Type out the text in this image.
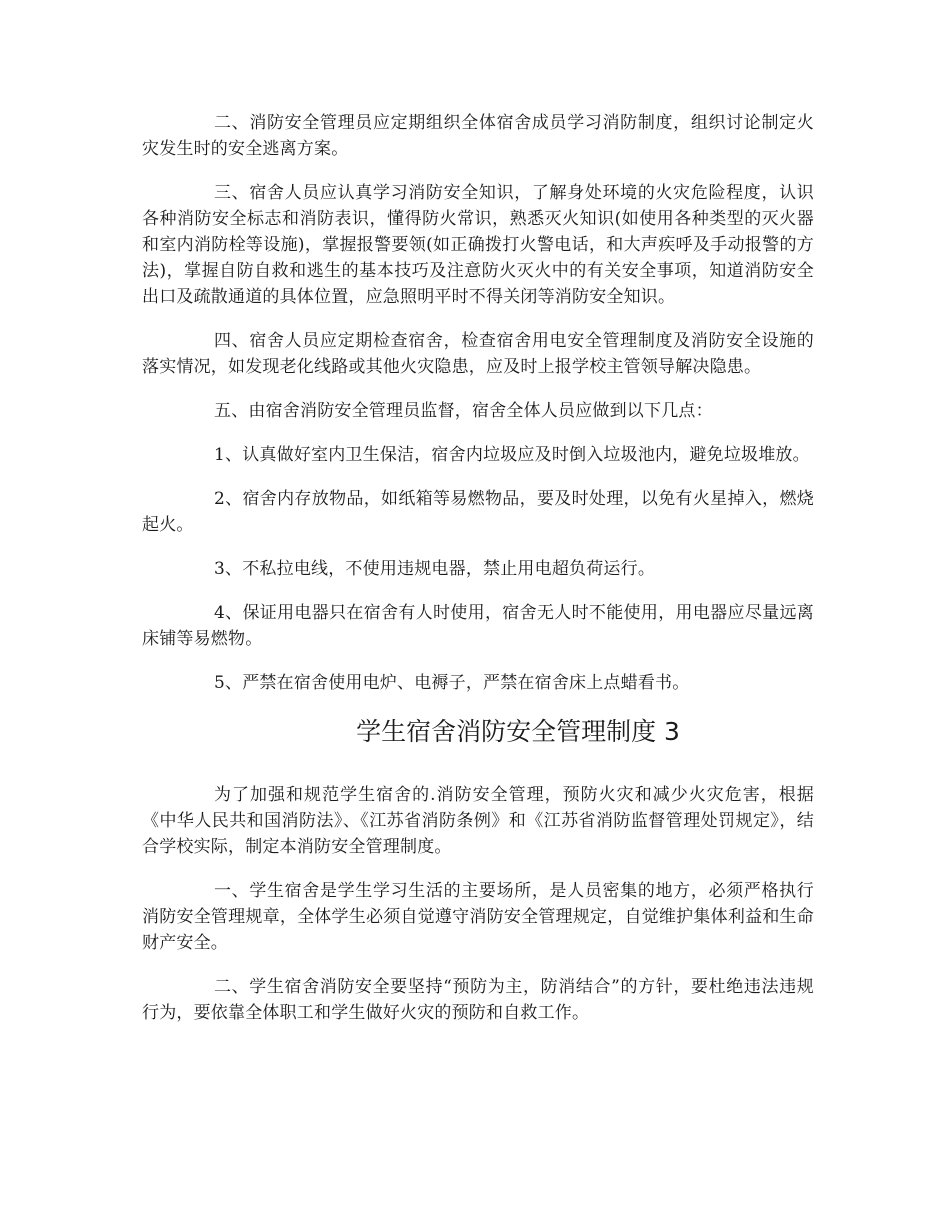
二、消防安全管理员应定期组织全体宿舍成员学习消防制度，组织讨论制定火灾发生时的安全逃离方案。

三、宿舍人员应认真学习消防安全知识，了解身处环境的火灾危险程度，认识各种消防安全标志和消防表识，懂得防火常识，熟悉灭火知识(如使用各种类型的灭火器和室内消防栓等设施)，掌握报警要领(如正确拨打火警电话，和大声疾呼及手动报警的方法)，掌握自防自救和逃生的基本技巧及注意防火灭火中的有关安全事项，知道消防安全出口及疏散通道的具体位置，应急照明平时不得关闭等消防安全知识。

四、宿舍人员应定期检查宿舍，检查宿舍用电安全管理制度及消防安全设施的落实情况，如发现老化线路或其他火灾隐患，应及时上报学校主管领导解决隐患。

五、由宿舍消防安全管理员监督，宿舍全体人员应做到以下几点：

1、认真做好室内卫生保洁，宿舍内垃圾应及时倒入垃圾池内，避免垃圾堆放。

2、宿舍内存放物品，如纸箱等易燃物品，要及时处理，以免有火星掉入，燃烧起火。

3、不私拉电线，不使用违规电器，禁止用电超负荷运行。

4、保证用电器只在宿舍有人时使用，宿舍无人时不能使用，用电器应尽量远离床铺等易燃物。

5、严禁在宿舍使用电炉、电褥子，严禁在宿舍床上点蜡看书。

学生宿舍消防安全管理制度 3

为了加强和规范学生宿舍的.消防安全管理，预防火灾和减少火灾危害，根据《中华人民共和国消防法》、《江苏省消防条例》和《江苏省消防监督管理处罚规定》，结合学校实际，制定本消防安全管理制度。

一、学生宿舍是学生学习生活的主要场所，是人员密集的地方，必须严格执行消防安全管理规章，全体学生必须自觉遵守消防安全管理规定，自觉维护集体利益和生命财产安全。

二、学生宿舍消防安全要坚持“预防为主，防消结合”的方针，要杜绝违法违规行为，要依靠全体职工和学生做好火灾的预防和自救工作。
